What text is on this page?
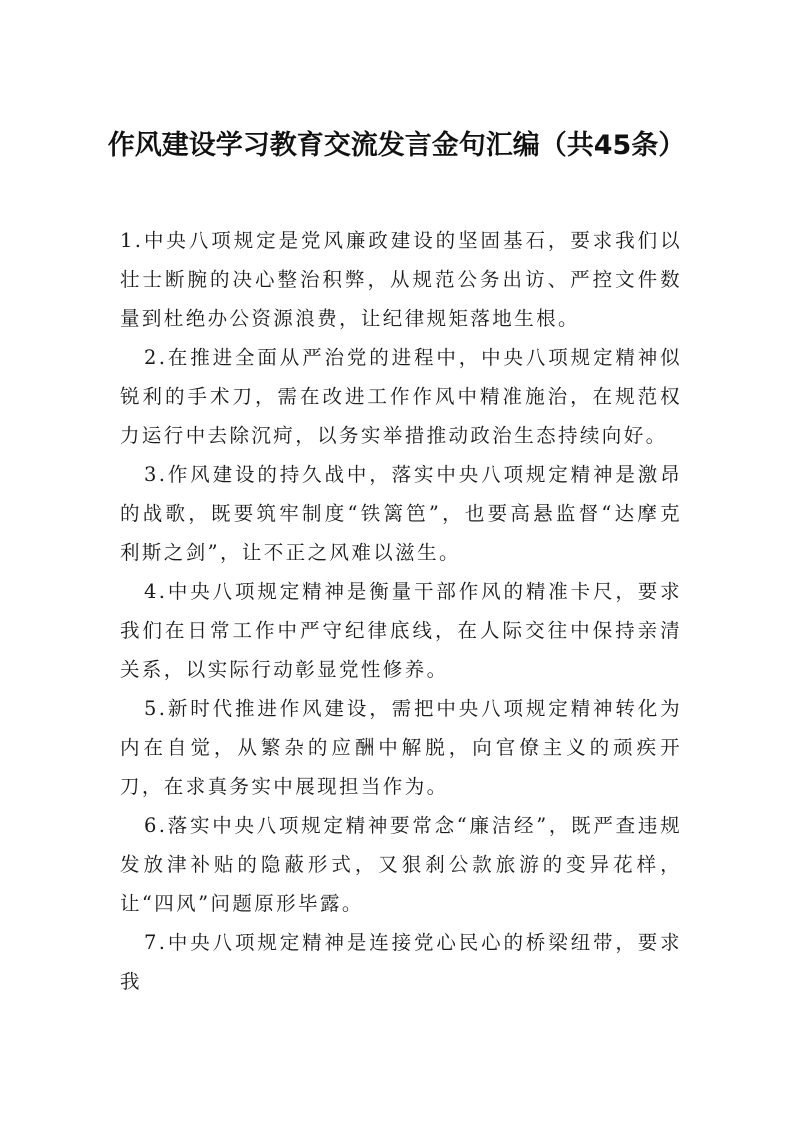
作风建设学习教育交流发言金句汇编（共45条）

1.中央八项规定是党风廉政建设的坚固基石，要求我们以壮士断腕的决心整治积弊，从规范公务出访、严控文件数量到杜绝办公资源浪费，让纪律规矩落地生根。

2.在推进全面从严治党的进程中，中央八项规定精神似锐利的手术刀，需在改进工作作风中精准施治，在规范权力运行中去除沉疴，以务实举措推动政治生态持续向好。

3.作风建设的持久战中，落实中央八项规定精神是激昂的战歌，既要筑牢制度“铁篱笆”，也要高悬监督“达摩克利斯之剑”，让不正之风难以滋生。

4.中央八项规定精神是衡量干部作风的精准卡尺，要求我们在日常工作中严守纪律底线，在人际交往中保持亲清关系，以实际行动彰显党性修养。

5.新时代推进作风建设，需把中央八项规定精神转化为内在自觉，从繁杂的应酬中解脱，向官僚主义的顽疾开刀，在求真务实中展现担当作为。

6.落实中央八项规定精神要常念“廉洁经”，既严查违规发放津补贴的隐蔽形式，又狠刹公款旅游的变异花样，让“四风”问题原形毕露。

7.中央八项规定精神是连接党心民心的桥梁纽带，要求我
